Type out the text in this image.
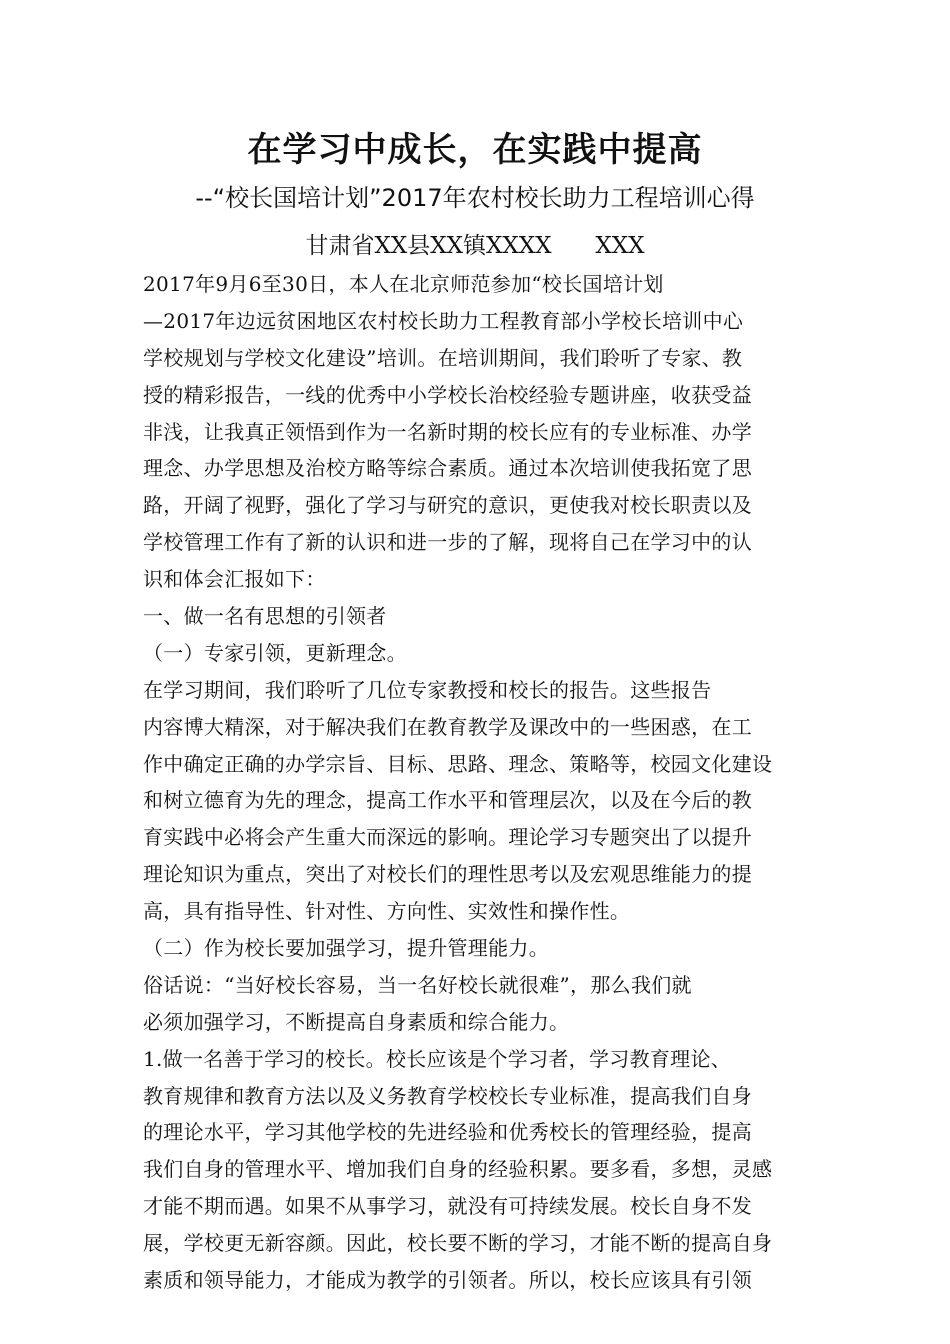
在学习中成长，在实践中提高
--“校长国培计划”2017年农村校长助力工程培训心得
甘肃省XX县XX镇XXXX      XXX
2017年9月6至30日，本人在北京师范参加“校长国培计划
—2017年边远贫困地区农村校长助力工程教育部小学校长培训中心
学校规划与学校文化建设”培训。在培训期间，我们聆听了专家、教
授的精彩报告，一线的优秀中小学校长治校经验专题讲座，收获受益
非浅，让我真正领悟到作为一名新时期的校长应有的专业标准、办学
理念、办学思想及治校方略等综合素质。通过本次培训使我拓宽了思
路，开阔了视野，强化了学习与研究的意识，更使我对校长职责以及
学校管理工作有了新的认识和进一步的了解，现将自己在学习中的认
识和体会汇报如下：
一、做一名有思想的引领者
（一）专家引领，更新理念。
在学习期间，我们聆听了几位专家教授和校长的报告。这些报告
内容博大精深，对于解决我们在教育教学及课改中的一些困惑，在工
作中确定正确的办学宗旨、目标、思路、理念、策略等，校园文化建设
和树立德育为先的理念，提高工作水平和管理层次，以及在今后的教
育实践中必将会产生重大而深远的影响。理论学习专题突出了以提升
理论知识为重点，突出了对校长们的理性思考以及宏观思维能力的提
高，具有指导性、针对性、方向性、实效性和操作性。
（二）作为校长要加强学习，提升管理能力。
俗话说：“当好校长容易，当一名好校长就很难”，那么我们就
必须加强学习，不断提高自身素质和综合能力。
1.做一名善于学习的校长。校长应该是个学习者，学习教育理论、
教育规律和教育方法以及义务教育学校校长专业标准，提高我们自身
的理论水平，学习其他学校的先进经验和优秀校长的管理经验，提高
我们自身的管理水平、增加我们自身的经验积累。要多看，多想，灵感
才能不期而遇。如果不从事学习，就没有可持续发展。校长自身不发
展，学校更无新容颜。因此，校长要不断的学习，才能不断的提高自身
素质和领导能力，才能成为教学的引领者。所以，校长应该具有引领
